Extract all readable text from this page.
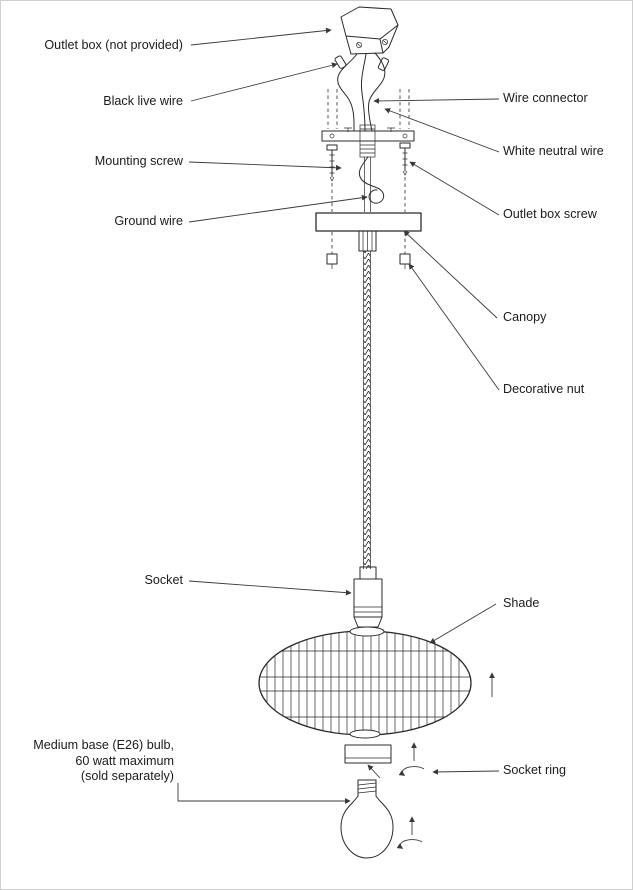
Outlet box (not provided)
Black live wire
Mounting screw
Ground wire
Socket
Medium base (E26) bulb,
60 watt maximum
(sold separately)
Wire connector
White neutral wire
Outlet box screw
Canopy
Decorative nut
Shade
Socket ring
